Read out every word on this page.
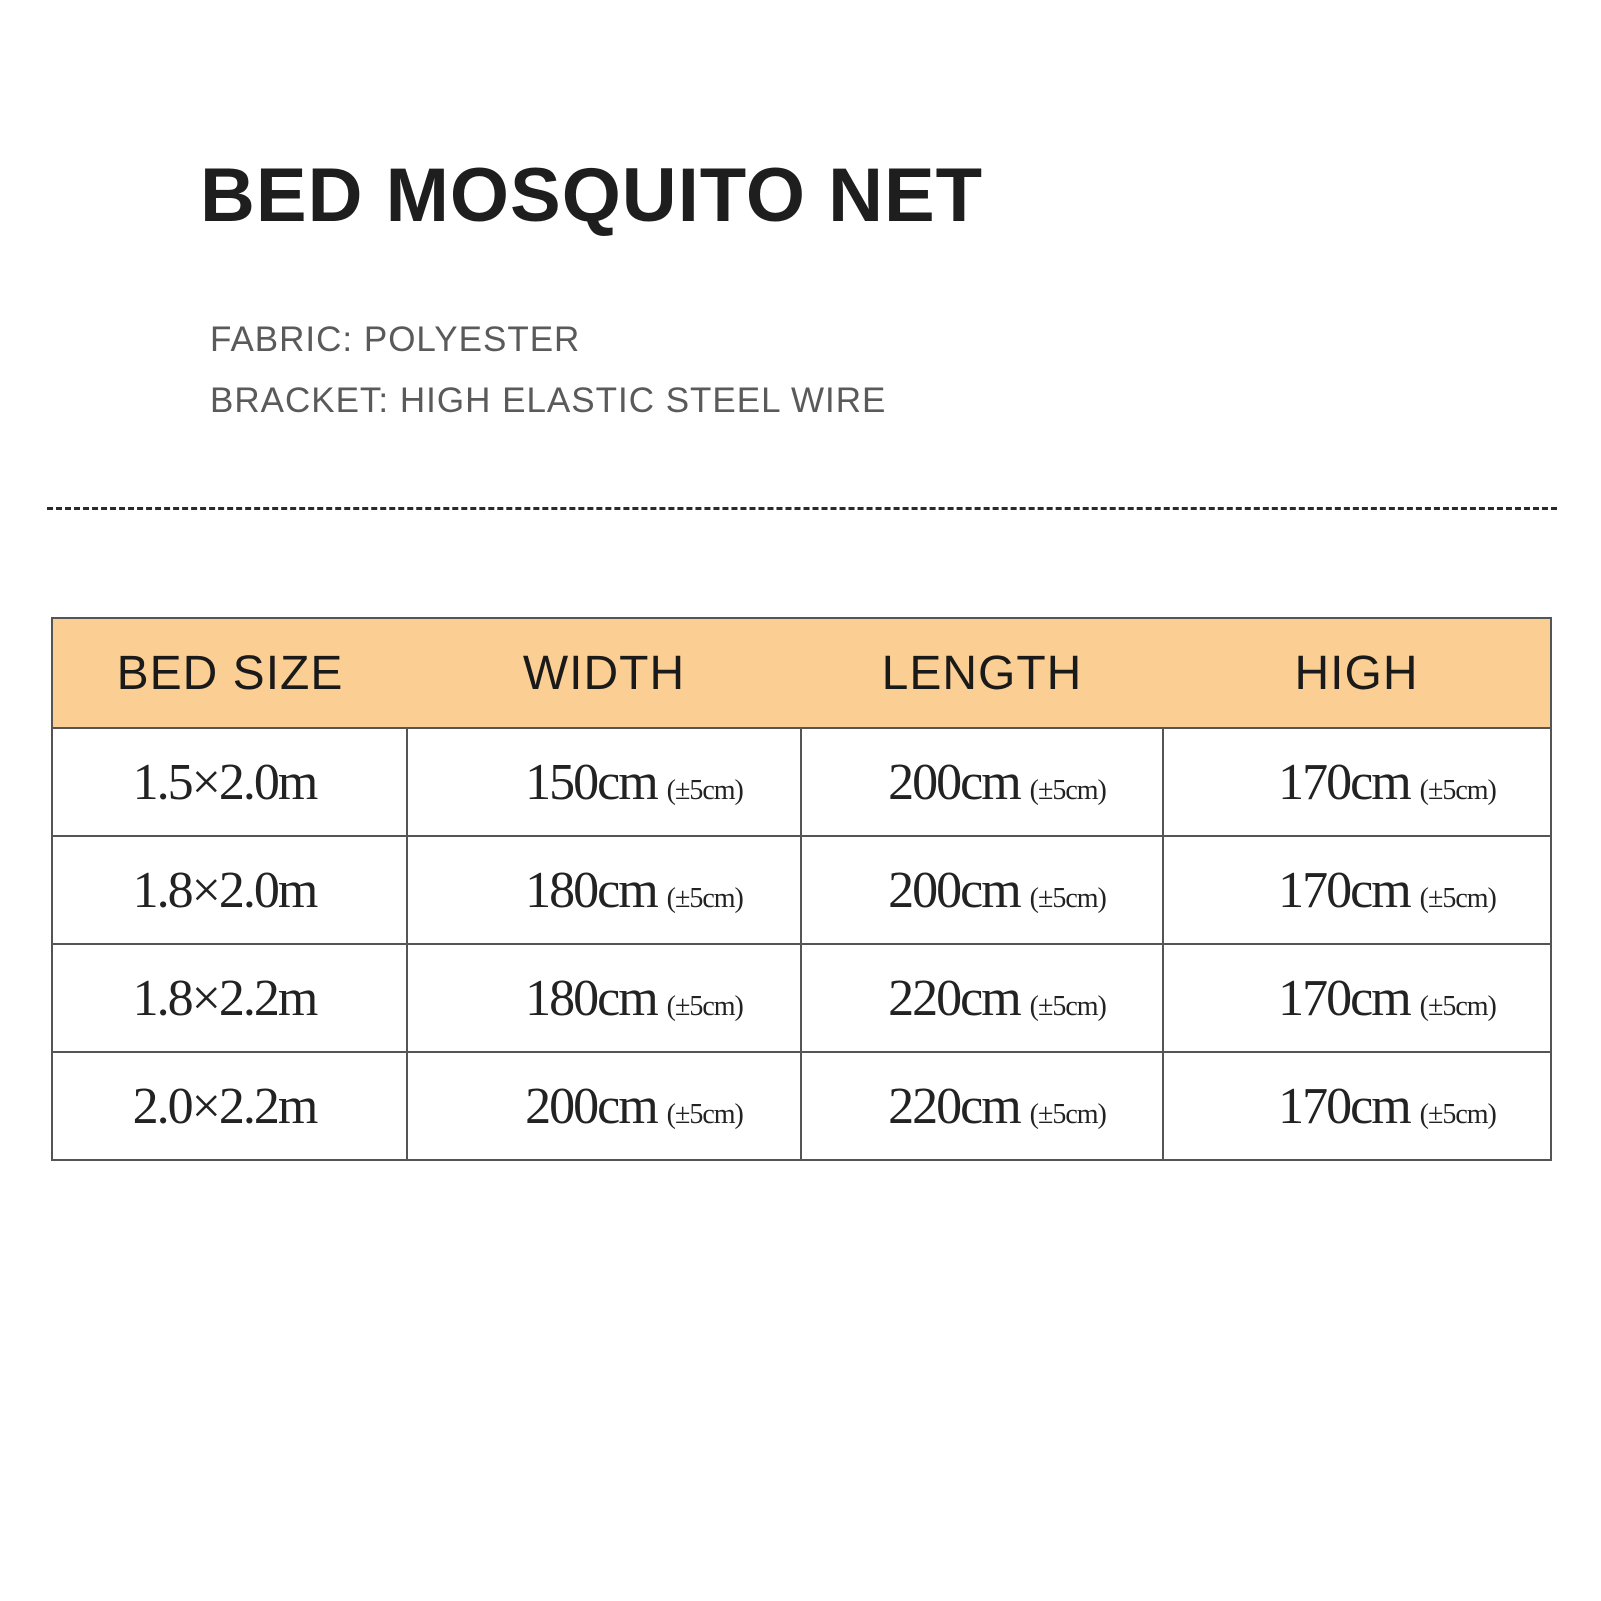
BED MOSQUITO NET
FABRIC: POLYESTER
BRACKET: HIGH ELASTIC STEEL WIRE
BED SIZE	WIDTH	LENGTH	HIGH
1.5×2.0m	150cm (±5cm)	200cm (±5cm)	170cm (±5cm)
1.8×2.0m	180cm (±5cm)	200cm (±5cm)	170cm (±5cm)
1.8×2.2m	180cm (±5cm)	220cm (±5cm)	170cm (±5cm)
2.0×2.2m	200cm (±5cm)	220cm (±5cm)	170cm (±5cm)
